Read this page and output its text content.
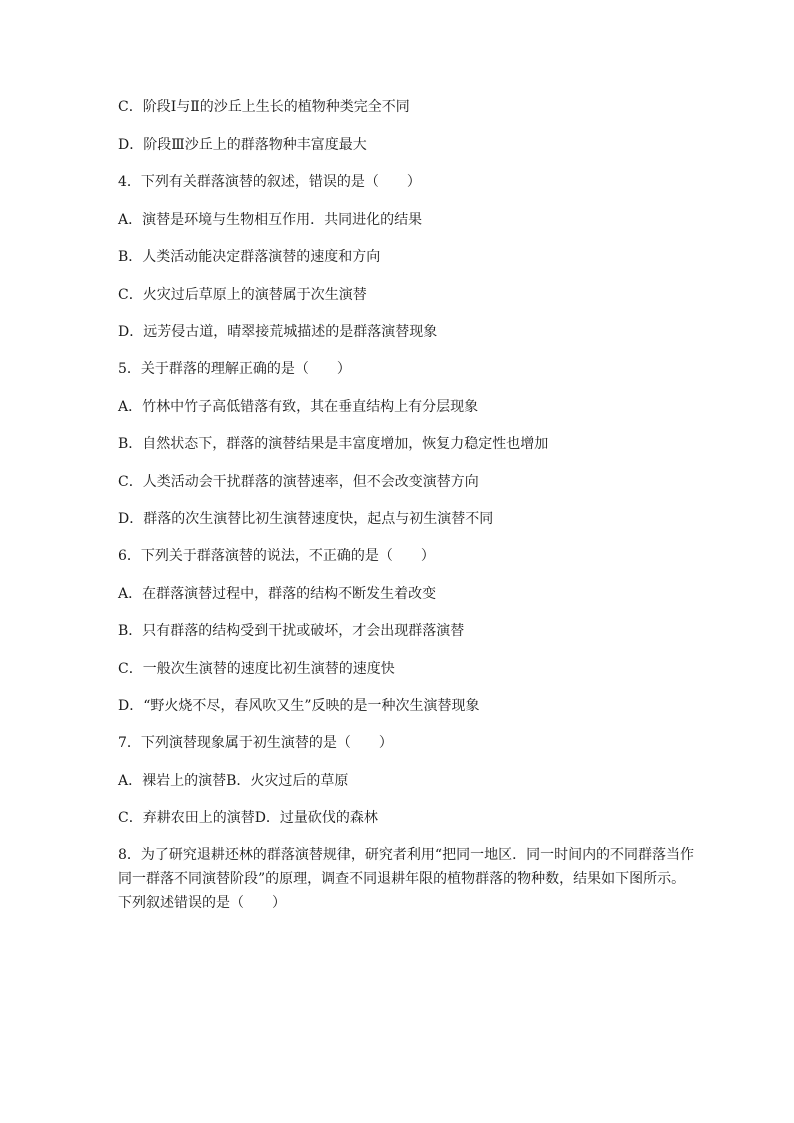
C．阶段Ⅰ与Ⅱ的沙丘上生长的植物种类完全不同
D．阶段Ⅲ沙丘上的群落物种丰富度最大
4．下列有关群落演替的叙述，错误的是（　　）
A．演替是环境与生物相互作用．共同进化的结果
B．人类活动能决定群落演替的速度和方向
C．火灾过后草原上的演替属于次生演替
D．远芳侵古道，晴翠接荒城描述的是群落演替现象
5．关于群落的理解正确的是（　　）
A．竹林中竹子高低错落有致，其在垂直结构上有分层现象
B．自然状态下，群落的演替结果是丰富度增加，恢复力稳定性也增加
C．人类活动会干扰群落的演替速率，但不会改变演替方向
D．群落的次生演替比初生演替速度快，起点与初生演替不同
6．下列关于群落演替的说法，不正确的是（　　）
A．在群落演替过程中，群落的结构不断发生着改变
B．只有群落的结构受到干扰或破坏，才会出现群落演替
C．一般次生演替的速度比初生演替的速度快
D．“野火烧不尽，春风吹又生”反映的是一种次生演替现象
7．下列演替现象属于初生演替的是（　　）
A．裸岩上的演替B．火灾过后的草原
C．弃耕农田上的演替D．过量砍伐的森林
8．为了研究退耕还林的群落演替规律，研究者利用“把同一地区．同一时间内的不同群落当作同一群落不同演替阶段”的原理，调查不同退耕年限的植物群落的物种数，结果如下图所示。下列叙述错误的是（　　）
